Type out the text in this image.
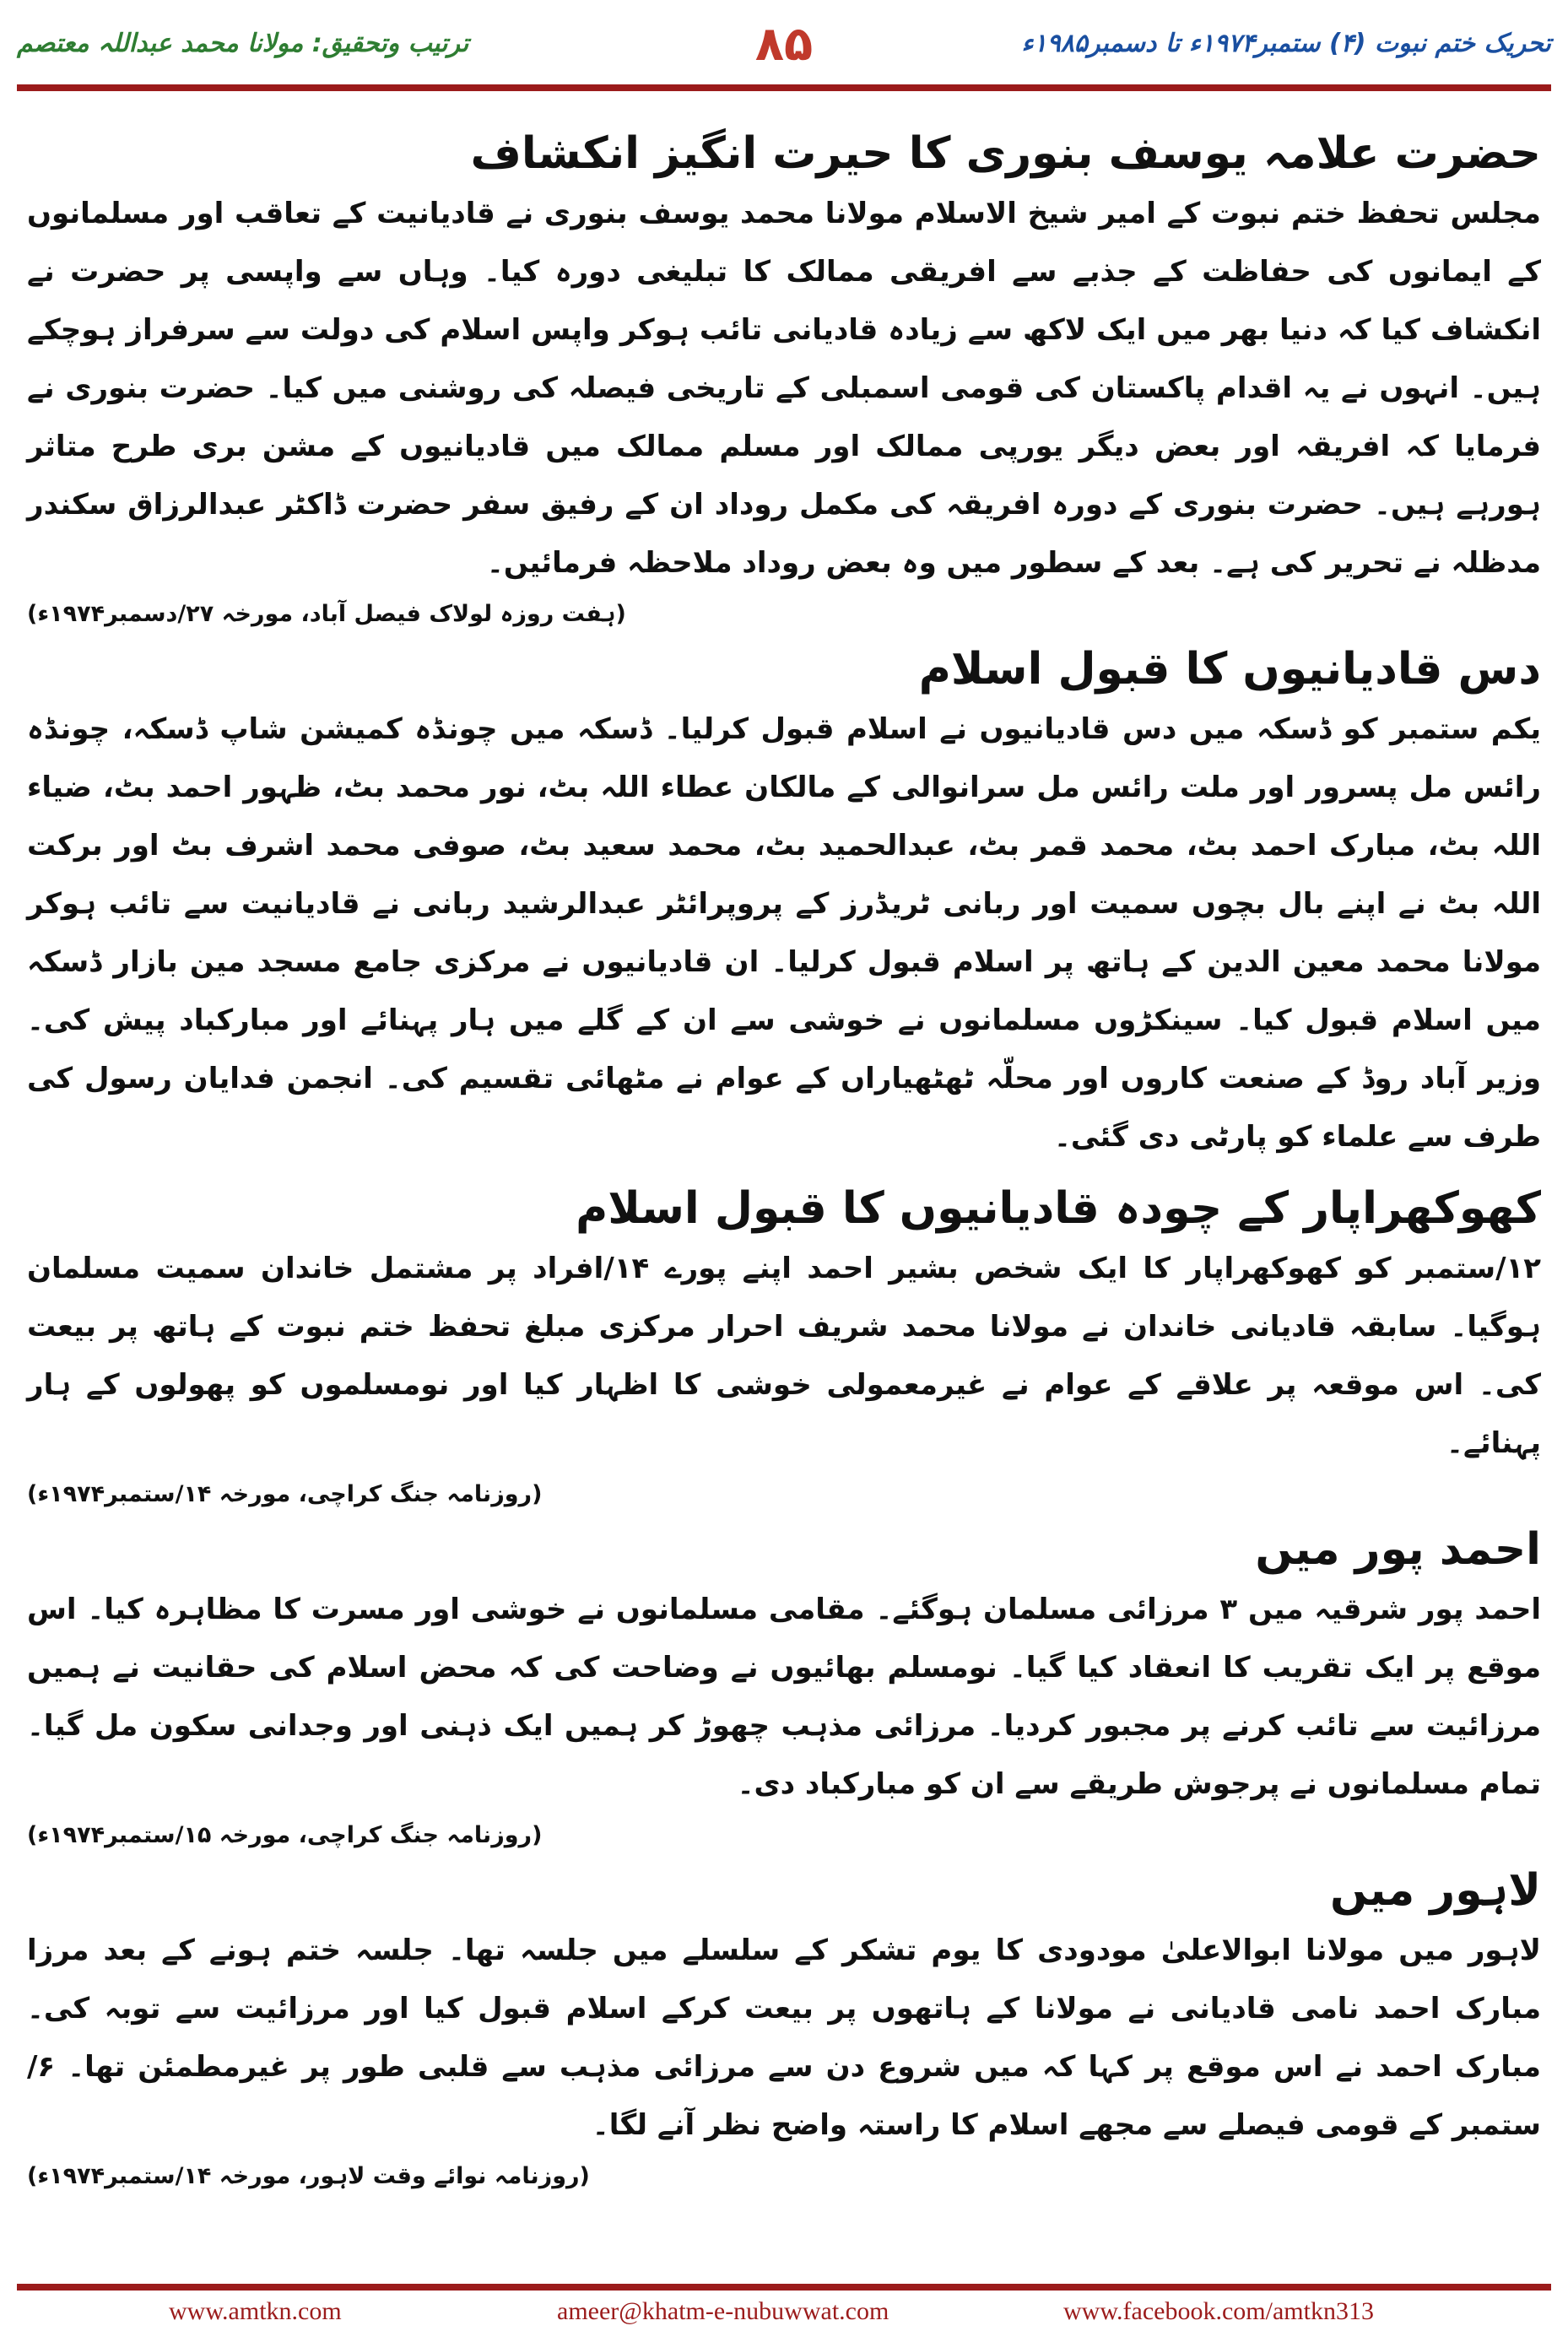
ترتیب وتحقیق: مولانا محمد عبداللہ معتصم	۸۵	تحریک ختم نبوت (۴) ستمبر۱۹۷۴ء تا دسمبر۱۹۸۵ء
حضرت علامہ یوسف بنوری کا حیرت انگیز انکشاف

مجلس تحفظ ختم نبوت کے امیر شیخ الاسلام مولانا محمد یوسف بنوری نے قادیانیت کے تعاقب اور مسلمانوں کے ایمانوں کی حفاظت کے جذبے سے افریقی ممالک کا تبلیغی دورہ کیا۔ وہاں سے واپسی پر حضرت نے انکشاف کیا کہ دنیا بھر میں ایک لاکھ سے زیادہ قادیانی تائب ہوکر واپس اسلام کی دولت سے سرفراز ہوچکے ہیں۔ انہوں نے یہ اقدام پاکستان کی قومی اسمبلی کے تاریخی فیصلہ کی روشنی میں کیا۔ حضرت بنوری نے فرمایا کہ افریقہ اور بعض دیگر یورپی ممالک اور مسلم ممالک میں قادیانیوں کے مشن بری طرح متاثر ہورہے ہیں۔ حضرت بنوری کے دورہ افریقہ کی مکمل روداد ان کے رفیق سفر حضرت ڈاکٹر عبدالرزاق سکندر مدظلہ نے تحریر کی ہے۔ بعد کے سطور میں وہ بعض روداد ملاحظہ فرمائیں۔

(ہفت روزہ لولاک فیصل آباد، مورخہ ۲۷/دسمبر۱۹۷۴ء)
دس قادیانیوں کا قبول اسلام

یکم ستمبر کو ڈسکہ میں دس قادیانیوں نے اسلام قبول کرلیا۔ ڈسکہ میں چونڈہ کمیشن شاپ ڈسکہ، چونڈہ رائس مل پسرور اور ملت رائس مل سرانوالی کے مالکان عطاء اللہ بٹ، نور محمد بٹ، ظہور احمد بٹ، ضیاء اللہ بٹ، مبارک احمد بٹ، محمد قمر بٹ، عبدالحمید بٹ، محمد سعید بٹ، صوفی محمد اشرف بٹ اور برکت اللہ بٹ نے اپنے بال بچوں سمیت اور ربانی ٹریڈرز کے پروپرائٹر عبدالرشید ربانی نے قادیانیت سے تائب ہوکر مولانا محمد معین الدین کے ہاتھ پر اسلام قبول کرلیا۔ ان قادیانیوں نے مرکزی جامع مسجد مین بازار ڈسکہ میں اسلام قبول کیا۔ سینکڑوں مسلمانوں نے خوشی سے ان کے گلے میں ہار پہنائے اور مبارکباد پیش کی۔ وزیر آباد روڈ کے صنعت کاروں اور محلّہ ٹھٹھیاراں کے عوام نے مٹھائی تقسیم کی۔ انجمن فدایان رسول کی طرف سے علماء کو پارٹی دی گئی۔

کھوکھراپار کے چودہ قادیانیوں کا قبول اسلام

۱۲/ستمبر کو کھوکھراپار کا ایک شخص بشیر احمد اپنے پورے ۱۴/افراد پر مشتمل خاندان سمیت مسلمان ہوگیا۔ سابقہ قادیانی خاندان نے مولانا محمد شریف احرار مرکزی مبلغ تحفظ ختم نبوت کے ہاتھ پر بیعت کی۔ اس موقعہ پر علاقے کے عوام نے غیرمعمولی خوشی کا اظہار کیا اور نومسلموں کو پھولوں کے ہار پہنائے۔

(روزنامہ جنگ کراچی، مورخہ ۱۴/ستمبر۱۹۷۴ء)
احمد پور میں

احمد پور شرقیہ میں ۳ مرزائی مسلمان ہوگئے۔ مقامی مسلمانوں نے خوشی اور مسرت کا مظاہرہ کیا۔ اس موقع پر ایک تقریب کا انعقاد کیا گیا۔ نومسلم بھائیوں نے وضاحت کی کہ محض اسلام کی حقانیت نے ہمیں مرزائیت سے تائب کرنے پر مجبور کردیا۔ مرزائی مذہب چھوڑ کر ہمیں ایک ذہنی اور وجدانی سکون مل گیا۔ تمام مسلمانوں نے پرجوش طریقے سے ان کو مبارکباد دی۔

(روزنامہ جنگ کراچی، مورخہ ۱۵/ستمبر۱۹۷۴ء)
لاہور میں

لاہور میں مولانا ابوالاعلیٰ مودودی کا یوم تشکر کے سلسلے میں جلسہ تھا۔ جلسہ ختم ہونے کے بعد مرزا مبارک احمد نامی قادیانی نے مولانا کے ہاتھوں پر بیعت کرکے اسلام قبول کیا اور مرزائیت سے توبہ کی۔ مبارک احمد نے اس موقع پر کہا کہ میں شروع دن سے مرزائی مذہب سے قلبی طور پر غیرمطمئن تھا۔ ۶/ستمبر کے قومی فیصلے سے مجھے اسلام کا راستہ واضح نظر آنے لگا۔

(روزنامہ نوائے وقت لاہور، مورخہ ۱۴/ستمبر۱۹۷۴ء)
www.amtkn.com	ameer@khatm-e-nubuwwat.com	www.facebook.com/amtkn313
